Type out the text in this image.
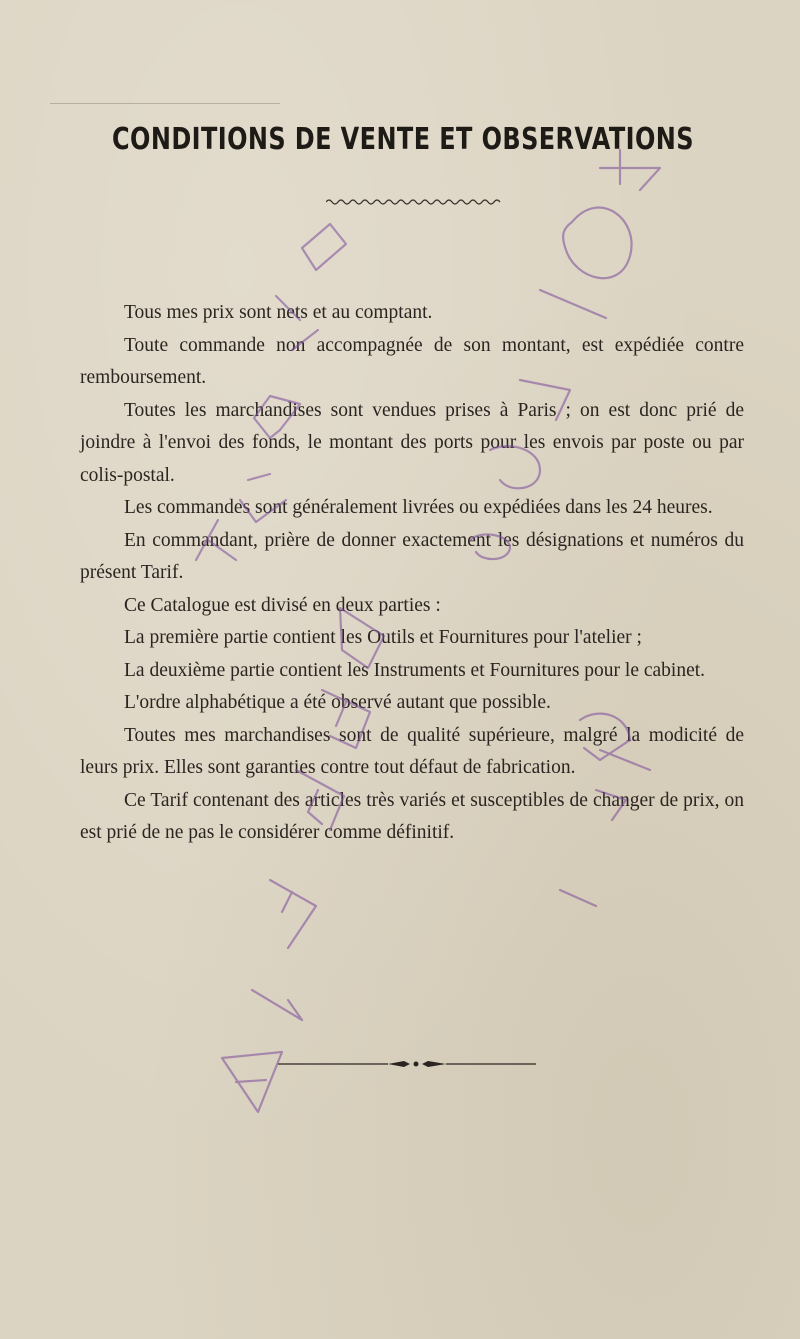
CONDITIONS DE VENTE ET OBSERVATIONS

Tous mes prix sont nets et au comptant.

Toute commande non accompagnée de son montant, est expédiée contre remboursement.

Toutes les marchandises sont vendues prises à Paris ; on est donc prié de joindre à l'envoi des fonds, le montant des ports pour les envois par poste ou par colis-postal.

Les commandes sont généralement livrées ou expédiées dans les 24 heures.

En commandant, prière de donner exactement les désignations et numéros du présent Tarif.

Ce Catalogue est divisé en deux parties :

La première partie contient les Outils et Fournitures pour l'atelier ;

La deuxième partie contient les Instruments et Fournitures pour le cabinet.

L'ordre alphabétique a été observé autant que possible.

Toutes mes marchandises sont de qualité supérieure, malgré la modicité de leurs prix. Elles sont garanties contre tout défaut de fabrication.

Ce Tarif contenant des articles très variés et susceptibles de changer de prix, on est prié de ne pas le considérer comme définitif.
